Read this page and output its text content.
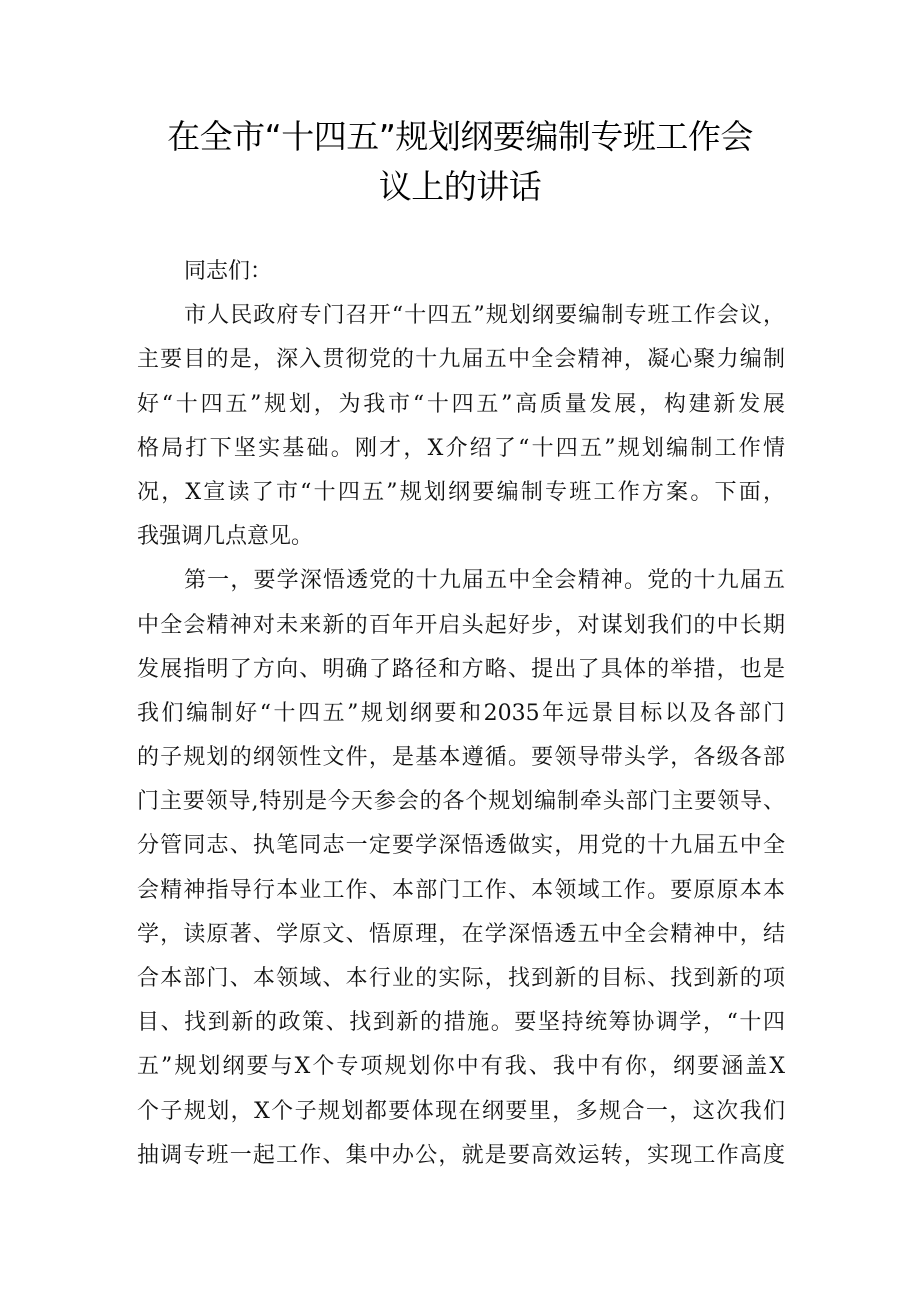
在全市“十四五”规划纲要编制专班工作会
议上的讲话
同志们：
市人民政府专门召开“十四五”规划纲要编制专班工作会议，
主要目的是，深入贯彻党的十九届五中全会精神，凝心聚力编制
好“十四五”规划，为我市“十四五”高质量发展，构建新发展
格局打下坚实基础。刚才，X介绍了“十四五”规划编制工作情
况，X宣读了市“十四五”规划纲要编制专班工作方案。下面，
我强调几点意见。
第一，要学深悟透党的十九届五中全会精神。党的十九届五
中全会精神对未来新的百年开启头起好步，对谋划我们的中长期
发展指明了方向、明确了路径和方略、提出了具体的举措，也是
我们编制好“十四五”规划纲要和2035年远景目标以及各部门
的子规划的纲领性文件，是基本遵循。要领导带头学，各级各部
门主要领导,特别是今天参会的各个规划编制牵头部门主要领导、
分管同志、执笔同志一定要学深悟透做实，用党的十九届五中全
会精神指导行本业工作、本部门工作、本领域工作。要原原本本
学，读原著、学原文、悟原理，在学深悟透五中全会精神中，结
合本部门、本领域、本行业的实际，找到新的目标、找到新的项
目、找到新的政策、找到新的措施。要坚持统筹协调学，“十四
五”规划纲要与X个专项规划你中有我、我中有你，纲要涵盖X
个子规划，X个子规划都要体现在纲要里，多规合一，这次我们
抽调专班一起工作、集中办公，就是要高效运转，实现工作高度
